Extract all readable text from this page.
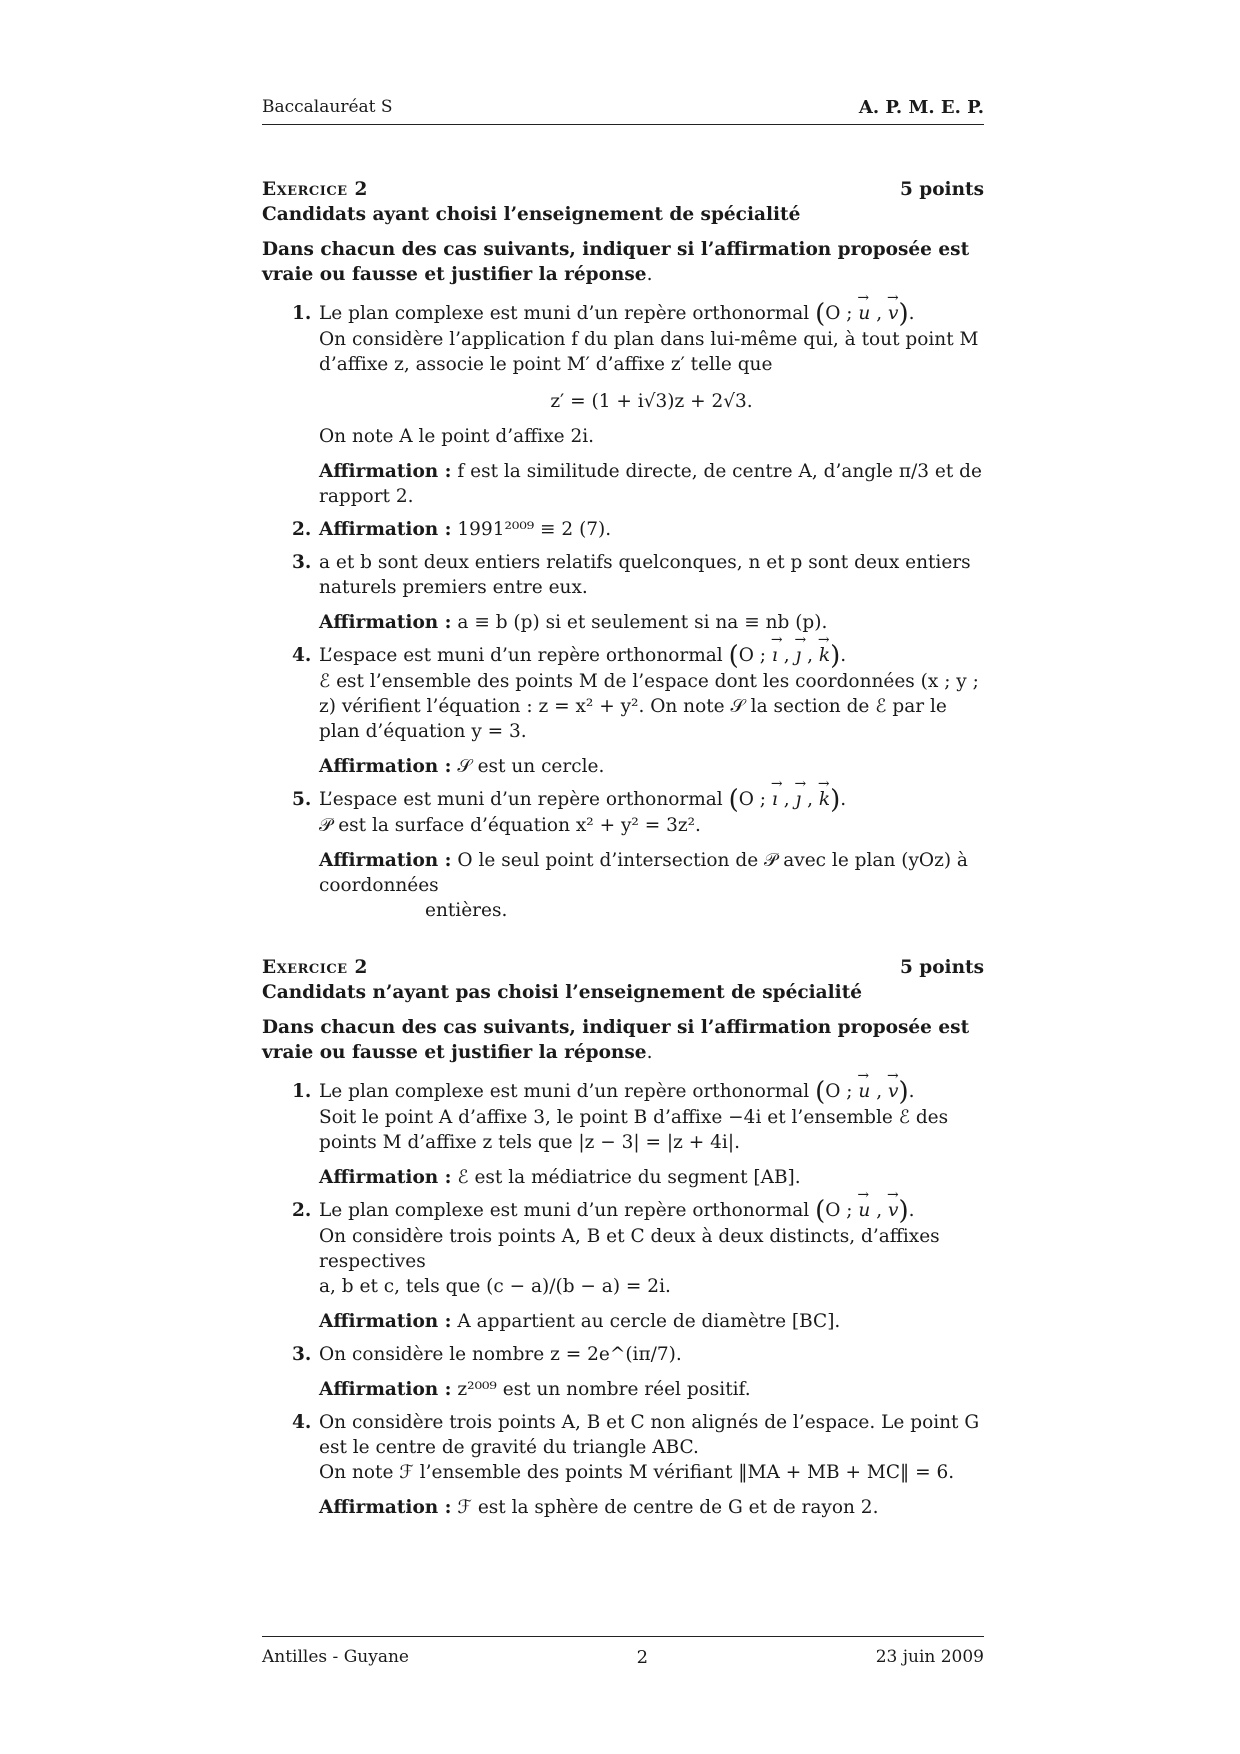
Baccalauréat S	A. P. M. E. P.
Exercice 2	5 points
Candidats ayant choisi l’enseignement de spécialité
Dans chacun des cas suivants, indiquer si l’affirmation proposée est vraie ou fausse et justifier la réponse.
1. Le plan complexe est muni d’un repère orthonormal (O ; → u , → v).
On considère l’application f du plan dans lui-même qui, à tout point M d’affixe z, associe le point M′ d’affixe z′ telle que
z′ = (1 + i√3)z + 2√3.
On note A le point d’affixe 2i.
Affirmation : f est la similitude directe, de centre A, d’angle π/3 et de rapport 2.
2. Affirmation : 1991²⁰⁰⁹ ≡ 2 (7).
3. a et b sont deux entiers relatifs quelconques, n et p sont deux entiers naturels premiers entre eux.
Affirmation : a ≡ b (p) si et seulement si na ≡ nb (p).
4. L’espace est muni d’un repère orthonormal (O ; → ı , → ȷ , → k).
ℰ est l’ensemble des points M de l’espace dont les coordonnées (x ; y ; z) vérifient l’équation : z = x² + y². On note 𝒮 la section de ℰ par le plan d’équation y = 3.
Affirmation : 𝒮 est un cercle.
5. L’espace est muni d’un repère orthonormal (O ; → ı , → ȷ , → k).
𝒫 est la surface d’équation x² + y² = 3z².
Affirmation : O le seul point d’intersection de 𝒫 avec le plan (yOz) à coordonnées
entières.
Exercice 2	5 points
Candidats n’ayant pas choisi l’enseignement de spécialité
Dans chacun des cas suivants, indiquer si l’affirmation proposée est vraie ou fausse et justifier la réponse.
1. Le plan complexe est muni d’un repère orthonormal (O ; → u , → v).
Soit le point A d’affixe 3, le point B d’affixe −4i et l’ensemble ℰ des points M d’affixe z tels que |z − 3| = |z + 4i|.
Affirmation : ℰ est la médiatrice du segment [AB].
2. Le plan complexe est muni d’un repère orthonormal (O ; → u , → v).
On considère trois points A, B et C deux à deux distincts, d’affixes respectives
a, b et c, tels que (c − a)/(b − a) = 2i.
Affirmation : A appartient au cercle de diamètre [BC].
3. On considère le nombre z = 2e^(iπ/7).
Affirmation : z²⁰⁰⁹ est un nombre réel positif.
4. On considère trois points A, B et C non alignés de l’espace. Le point G est le centre de gravité du triangle ABC.
On note ℱ l’ensemble des points M vérifiant ‖MA + MB + MC‖ = 6.
Affirmation : ℱ est la sphère de centre de G et de rayon 2.
Antilles - Guyane	2	23 juin 2009
